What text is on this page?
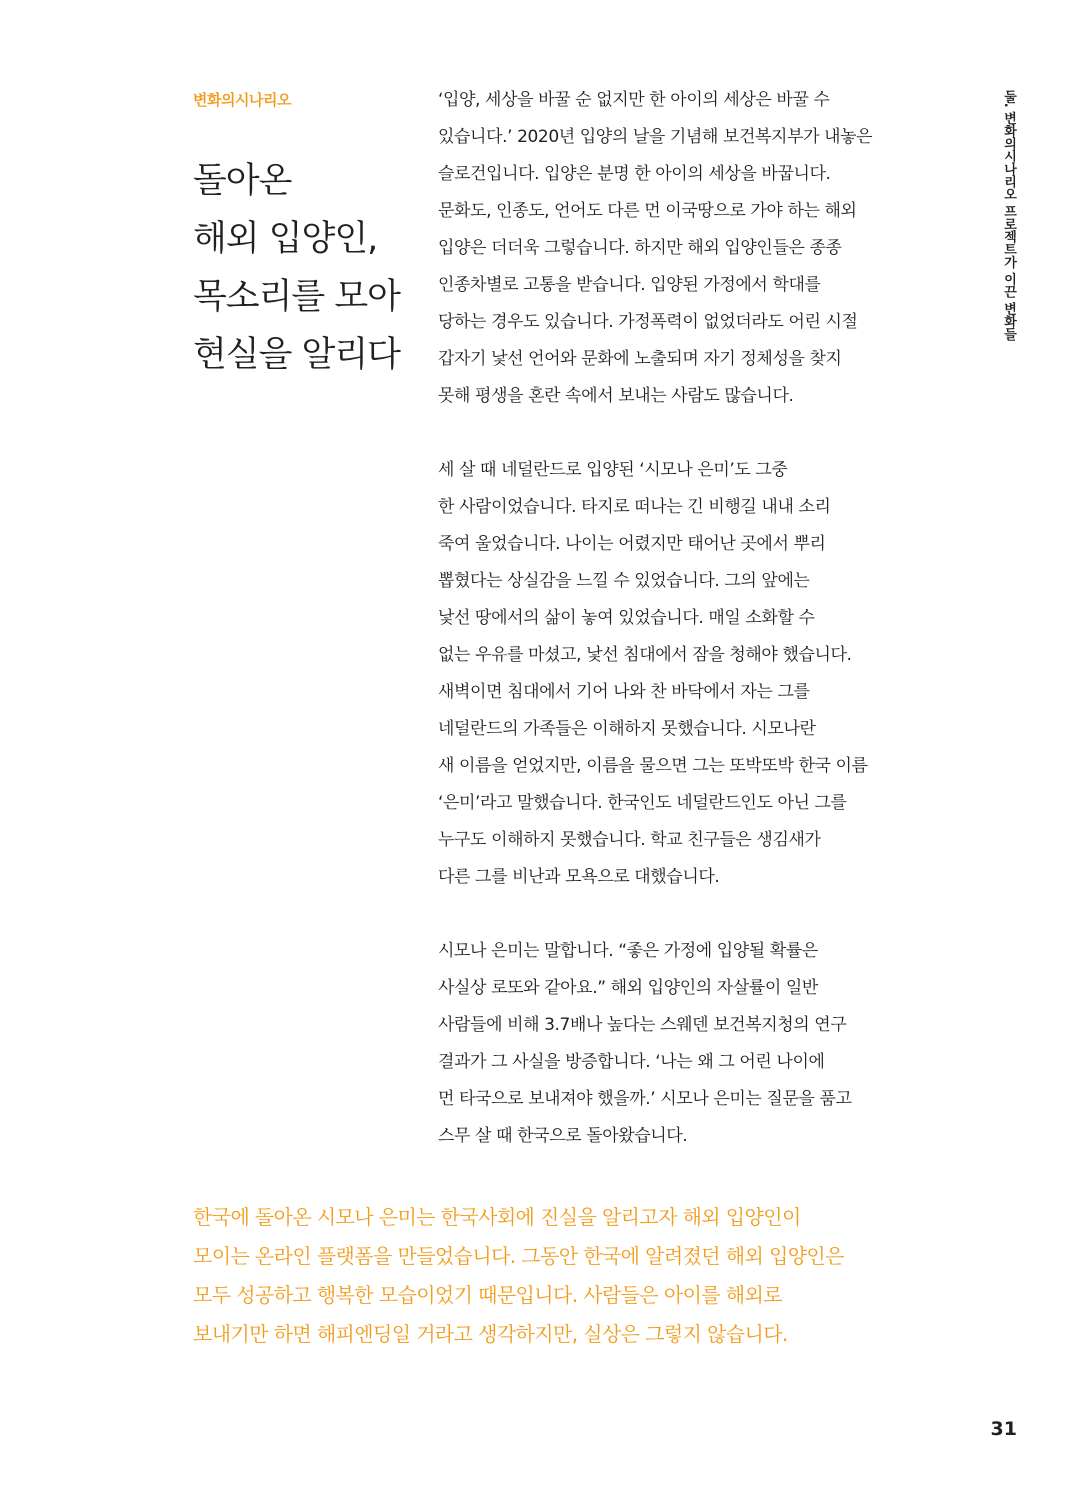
변화의시나리오
돌아온
해외 입양인,
목소리를 모아
현실을 알리다

‘입양, 세상을 바꿀 순 없지만 한 아이의 세상은 바꿀 수
있습니다.’ 2020년 입양의 날을 기념해 보건복지부가 내놓은
슬로건입니다. 입양은 분명 한 아이의 세상을 바꿉니다.
문화도, 인종도, 언어도 다른 먼 이국땅으로 가야 하는 해외
입양은 더더욱 그렇습니다. 하지만 해외 입양인들은 종종
인종차별로 고통을 받습니다. 입양된 가정에서 학대를
당하는 경우도 있습니다. 가정폭력이 없었더라도 어린 시절
갑자기 낯선 언어와 문화에 노출되며 자기 정체성을 찾지
못해 평생을 혼란 속에서 보내는 사람도 많습니다.

세 살 때 네덜란드로 입양된 ‘시모나 은미’도 그중
한 사람이었습니다. 타지로 떠나는 긴 비행길 내내 소리
죽여 울었습니다. 나이는 어렸지만 태어난 곳에서 뿌리
뽑혔다는 상실감을 느낄 수 있었습니다. 그의 앞에는
낯선 땅에서의 삶이 놓여 있었습니다. 매일 소화할 수
없는 우유를 마셨고, 낯선 침대에서 잠을 청해야 했습니다.
새벽이면 침대에서 기어 나와 찬 바닥에서 자는 그를
네덜란드의 가족들은 이해하지 못했습니다. 시모나란
새 이름을 얻었지만, 이름을 물으면 그는 또박또박 한국 이름
‘은미’라고 말했습니다. 한국인도 네덜란드인도 아닌 그를
누구도 이해하지 못했습니다. 학교 친구들은 생김새가
다른 그를 비난과 모욕으로 대했습니다.

시모나 은미는 말합니다. “좋은 가정에 입양될 확률은
사실상 로또와 같아요.” 해외 입양인의 자살률이 일반
사람들에 비해 3.7배나 높다는 스웨덴 보건복지청의 연구
결과가 그 사실을 방증합니다. ‘나는 왜 그 어린 나이에
먼 타국으로 보내져야 했을까.’ 시모나 은미는 질문을 품고
스무 살 때 한국으로 돌아왔습니다.

한국에 돌아온 시모나 은미는 한국사회에 진실을 알리고자 해외 입양인이
모이는 온라인 플랫폼을 만들었습니다. 그동안 한국에 알려졌던 해외 입양인은
모두 성공하고 행복한 모습이었기 때문입니다. 사람들은 아이를 해외로
보내기만 하면 해피엔딩일 거라고 생각하지만, 실상은 그렇지 않습니다.

둘. 변화의시나리오 프로젝트가 이끈 변화들
31
